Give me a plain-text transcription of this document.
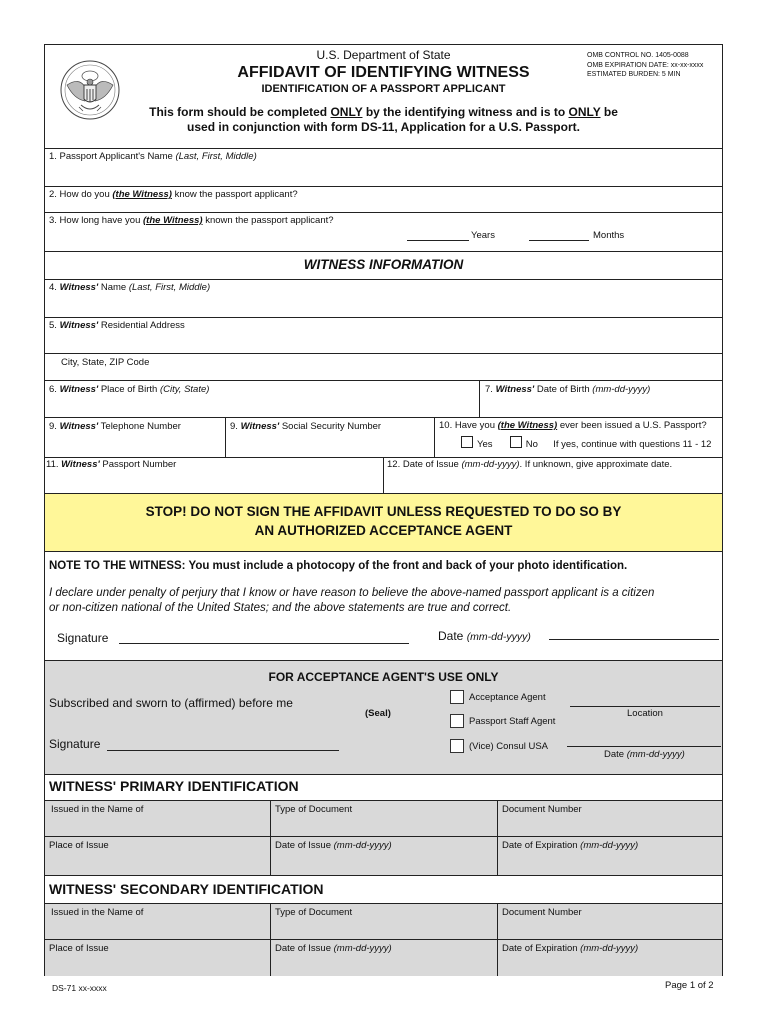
U.S. Department of State
AFFIDAVIT OF IDENTIFYING WITNESS
IDENTIFICATION OF A PASSPORT APPLICANT
OMB CONTROL NO. 1405-0088
OMB EXPIRATION DATE: xx-xx-xxxx
ESTIMATED BURDEN: 5 MIN
This form should be completed ONLY by the identifying witness and is to ONLY be
used in conjunction with form DS-11, Application for a U.S. Passport.
1. Passport Applicant's Name (Last, First, Middle)
2. How do you (the Witness) know the passport applicant?
3. How long have you (the Witness) known the passport applicant?
Years	Months
WITNESS INFORMATION
4. Witness' Name (Last, First, Middle)
5. Witness' Residential Address
City, State, ZIP Code
6. Witness' Place of Birth (City, State)	7. Witness' Date of Birth (mm-dd-yyyy)
9. Witness' Telephone Number	9. Witness' Social Security Number	10. Have you (the Witness) ever been issued a U.S. Passport?
Yes	No If yes, continue with questions 11 - 12
11. Witness' Passport Number	12. Date of Issue (mm-dd-yyyy). If unknown, give approximate date.
STOP! DO NOT SIGN THE AFFIDAVIT UNLESS REQUESTED TO DO SO BY
AN AUTHORIZED ACCEPTANCE AGENT
NOTE TO THE WITNESS: You must include a photocopy of the front and back of your photo identification.
I declare under penalty of perjury that I know or have reason to believe the above-named passport applicant is a citizen
or non-citizen national of the United States; and the above statements are true and correct.
Signature	Date (mm-dd-yyyy)
FOR ACCEPTANCE AGENT'S USE ONLY
Subscribed and sworn to (affirmed) before me
(Seal)
Signature
Acceptance Agent
Passport Staff Agent
(Vice) Consul USA
Location
Date (mm-dd-yyyy)
WITNESS' PRIMARY IDENTIFICATION
Issued in the Name of	Type of Document	Document Number
Place of Issue	Date of Issue (mm-dd-yyyy)	Date of Expiration (mm-dd-yyyy)
WITNESS' SECONDARY IDENTIFICATION
Issued in the Name of	Type of Document	Document Number
Place of Issue	Date of Issue (mm-dd-yyyy)	Date of Expiration (mm-dd-yyyy)
DS-71 xx-xxxx	Page 1 of 2
